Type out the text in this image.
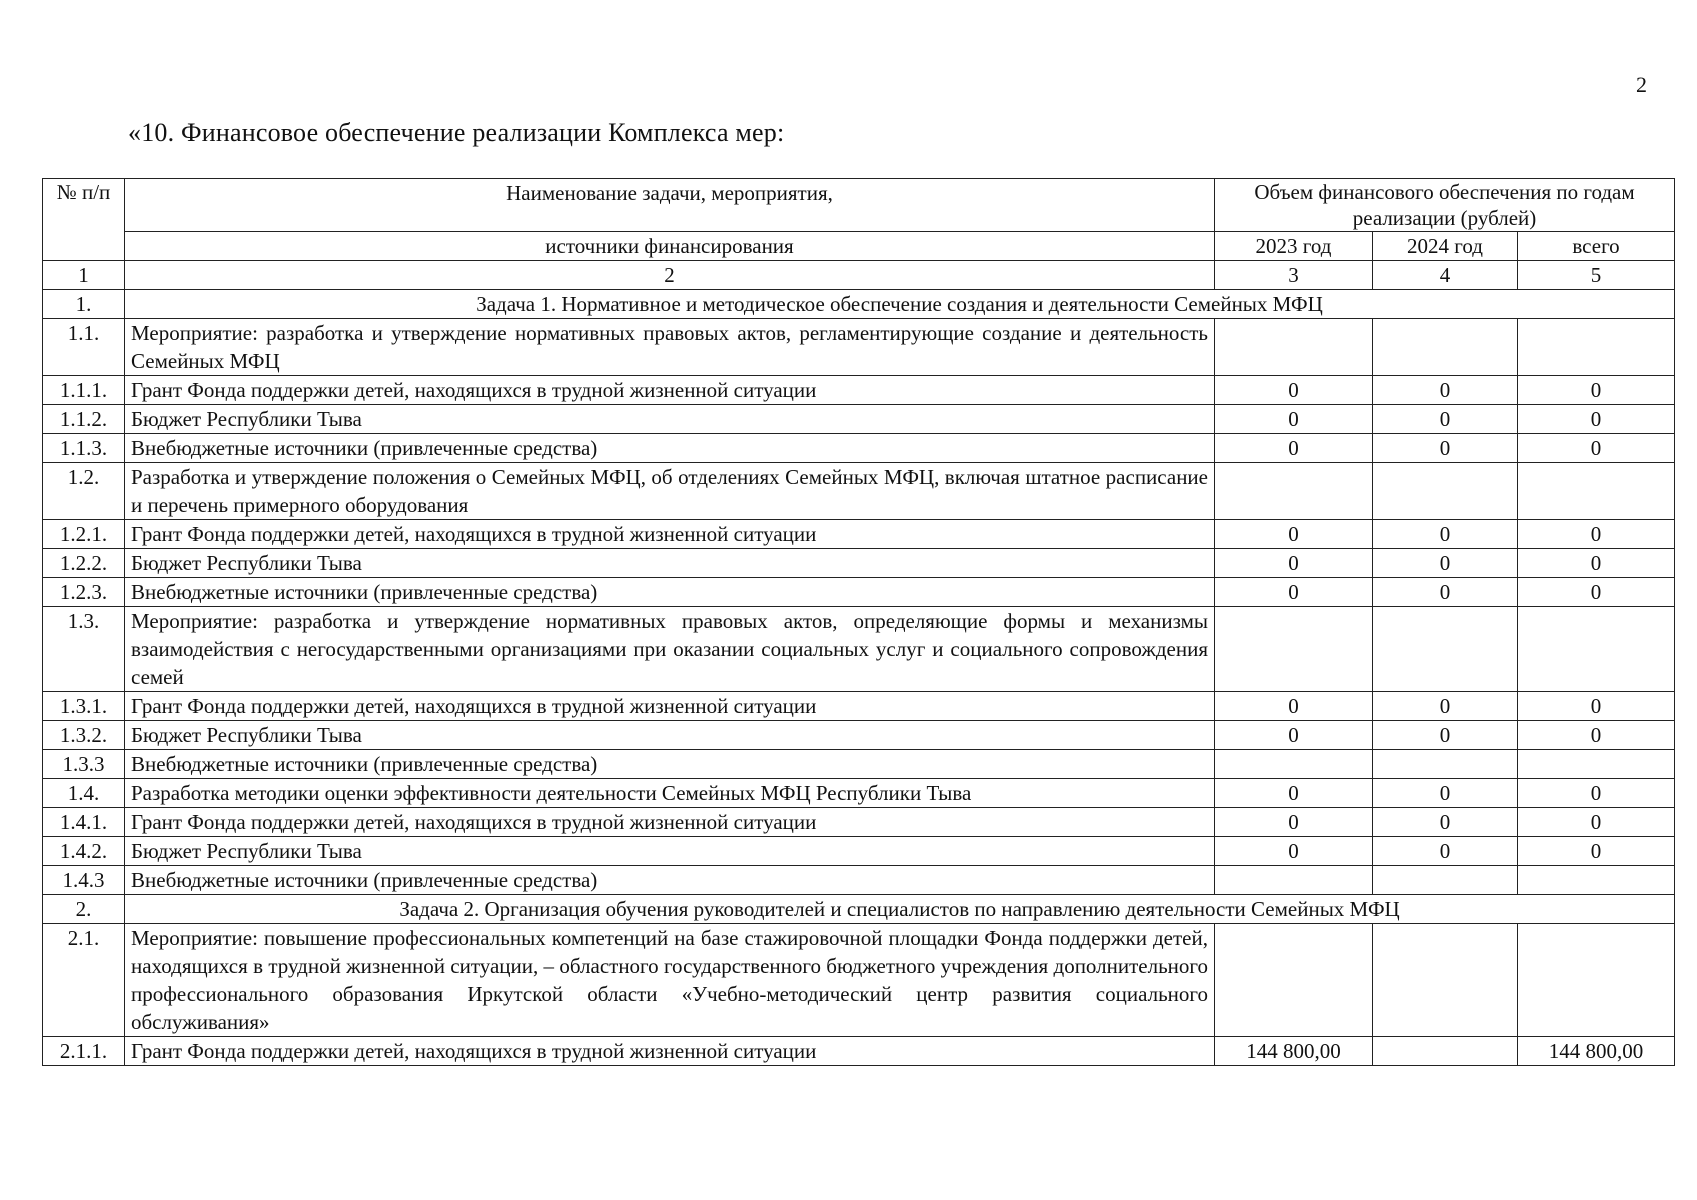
2
«10. Финансовое обеспечение реализации Комплекса мер:
№ п/п	Наименование задачи, мероприятия,	Объем финансового обеспечения по годам реализации (рублей)		
	источники финансирования	2023 год	2024 год	всего
1	2	3	4	5
1.	Задача 1. Нормативное и методическое обеспечение создания и деятельности Семейных МФЦ			
1.1.	Мероприятие: разработка и утверждение нормативных правовых актов, регламентирующие создание и деятельность Семейных МФЦ			
1.1.1.	Грант Фонда поддержки детей, находящихся в трудной жизненной ситуации	0	0	0
1.1.2.	Бюджет Республики Тыва	0	0	0
1.1.3.	Внебюджетные источники (привлеченные средства)	0	0	0
1.2.	Разработка и утверждение положения о Семейных МФЦ, об отделениях Семейных МФЦ, включая штатное расписание и перечень примерного оборудования			
1.2.1.	Грант Фонда поддержки детей, находящихся в трудной жизненной ситуации	0	0	0
1.2.2.	Бюджет Республики Тыва	0	0	0
1.2.3.	Внебюджетные источники (привлеченные средства)	0	0	0
1.3.	Мероприятие: разработка и утверждение нормативных правовых актов, определяющие формы и механизмы взаимодействия с негосударственными организациями при оказании социальных услуг и социального сопровождения семей			
1.3.1.	Грант Фонда поддержки детей, находящихся в трудной жизненной ситуации	0	0	0
1.3.2.	Бюджет Республики Тыва	0	0	0
1.3.3	Внебюджетные источники (привлеченные средства)			
1.4.	Разработка методики оценки эффективности деятельности Семейных МФЦ Республики Тыва	0	0	0
1.4.1.	Грант Фонда поддержки детей, находящихся в трудной жизненной ситуации	0	0	0
1.4.2.	Бюджет Республики Тыва	0	0	0
1.4.3	Внебюджетные источники (привлеченные средства)			
2.	Задача 2. Организация обучения руководителей и специалистов по направлению деятельности Семейных МФЦ			
2.1.	Мероприятие: повышение профессиональных компетенций на базе стажировочной площадки Фонда поддержки детей, находящихся в трудной жизненной ситуации, – областного государственного бюджетного учреждения дополнительного профессионального образования Иркутской области «Учебно-методический центр развития социального обслуживания»			
2.1.1.	Грант Фонда поддержки детей, находящихся в трудной жизненной ситуации	144 800,00		144 800,00
